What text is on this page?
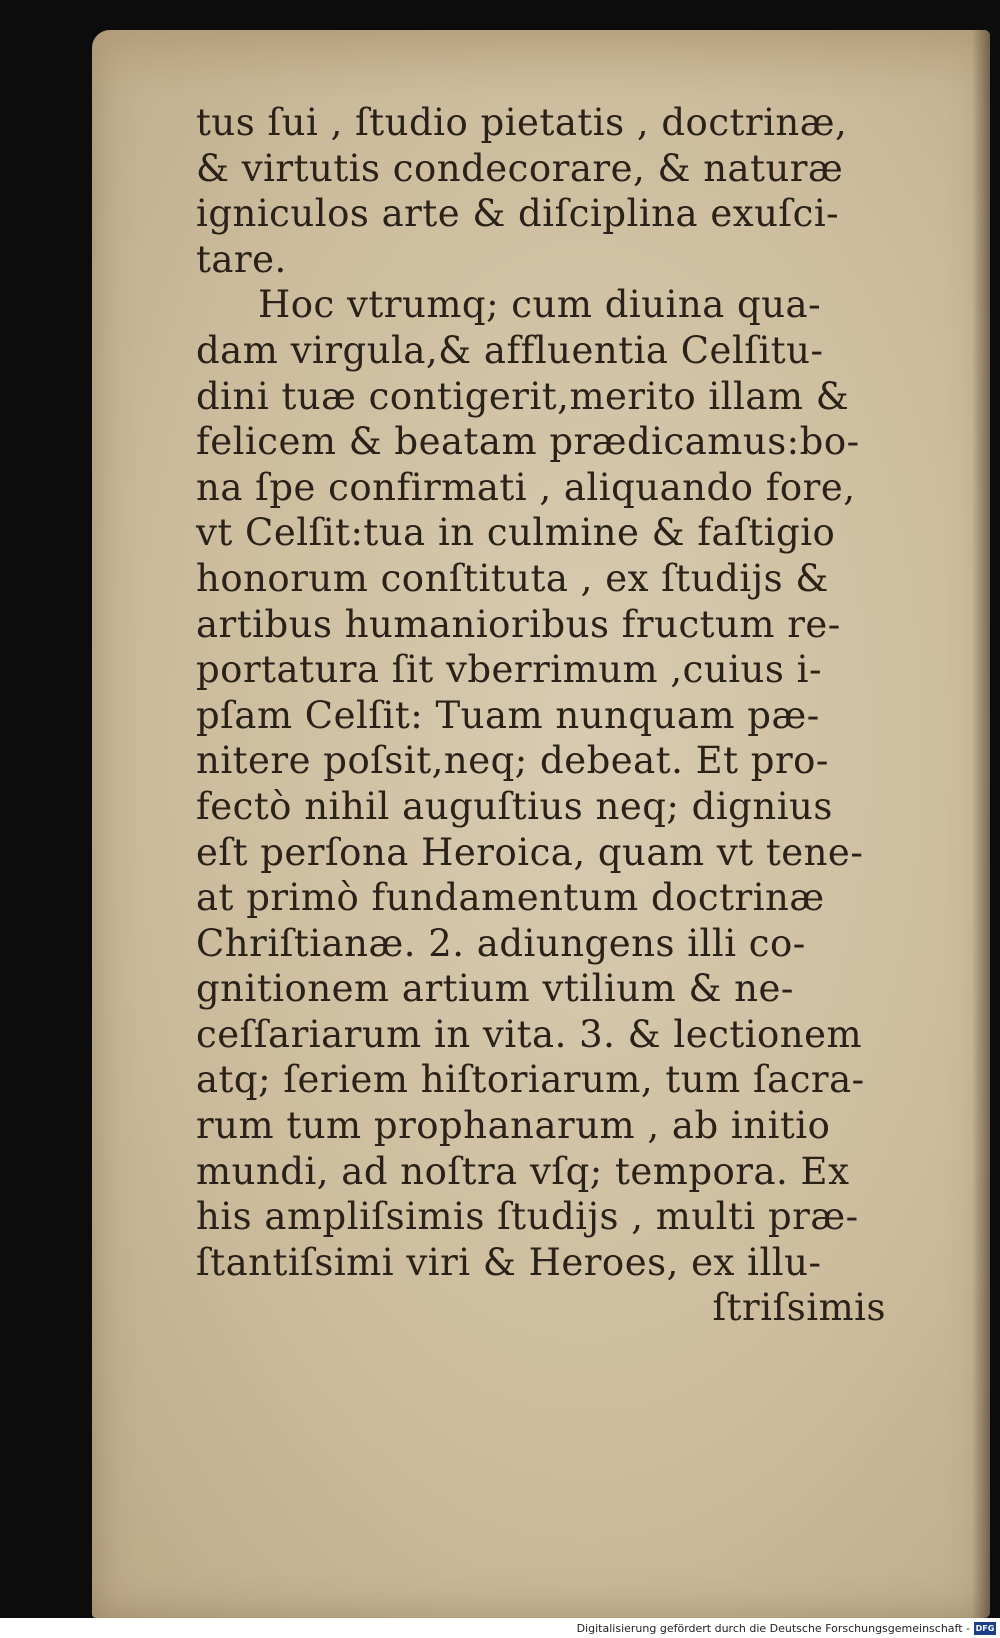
tus ſui , ſtudio pietatis , doctrinæ,
& virtutis condecorare, & naturæ
igniculos arte & diſciplina exuſci-
tare.
Hoc vtrumq; cum diuina qua-
dam virgula,& affluentia Celſitu-
dini tuæ contigerit,merito illam &
felicem & beatam prædicamus:bo-
na ſpe confirmati , aliquando fore,
vt Celſit:tua in culmine & faſtigio
honorum conſtituta , ex ſtudijs &
artibus humanioribus fructum re-
portatura ſit vberrimum ,cuius i-
pſam Celſit: Tuam nunquam pæ-
nitere poſsit,neq; debeat. Et pro-
fectò nihil auguſtius neq; dignius
eſt perſona Heroica, quam vt tene-
at primò fundamentum doctrinæ
Chriſtianæ. 2. adiungens illi co-
gnitionem artium vtilium & ne-
ceſſariarum in vita. 3. & lectionem
atq; ſeriem hiſtoriarum, tum ſacra-
rum tum prophanarum , ab initio
mundi, ad noſtra vſq; tempora. Ex
his ampliſsimis ſtudijs , multi præ-
ſtantiſsimi viri & Heroes, ex illu-
ſtriſsimis
Digitalisierung gefördert durch die Deutsche Forschungsgemeinschaft - DFG
